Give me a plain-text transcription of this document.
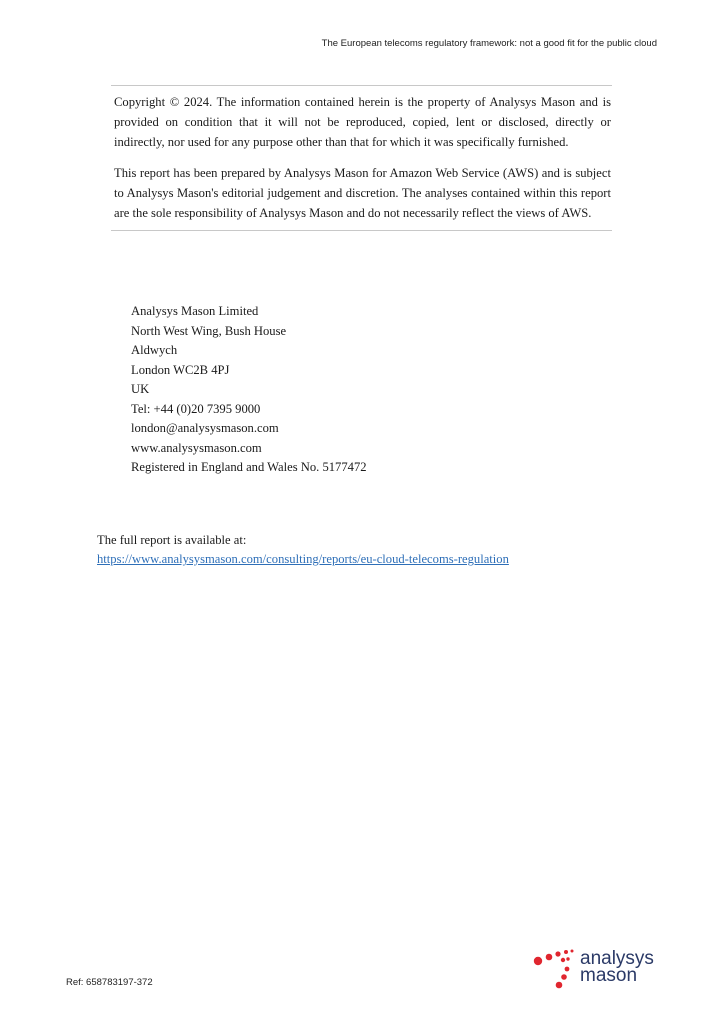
The European telecoms regulatory framework: not a good fit for the public cloud

Copyright © 2024. The information contained herein is the property of Analysys Mason and is provided on condition that it will not be reproduced, copied, lent or disclosed, directly or indirectly, nor used for any purpose other than that for which it was specifically furnished.

This report has been prepared by Analysys Mason for Amazon Web Service (AWS) and is subject to Analysys Mason's editorial judgement and discretion. The analyses contained within this report are the sole responsibility of Analysys Mason and do not necessarily reflect the views of AWS.

Analysys Mason Limited
North West Wing, Bush House
Aldwych
London WC2B 4PJ
UK
Tel: +44 (0)20 7395 9000
london@analysysmason.com
www.analysysmason.com
Registered in England and Wales No. 5177472
The full report is available at:
https://www.analysysmason.com/consulting/reports/eu-cloud-telecoms-regulation
Ref: 658783197-372
analysys
mason
